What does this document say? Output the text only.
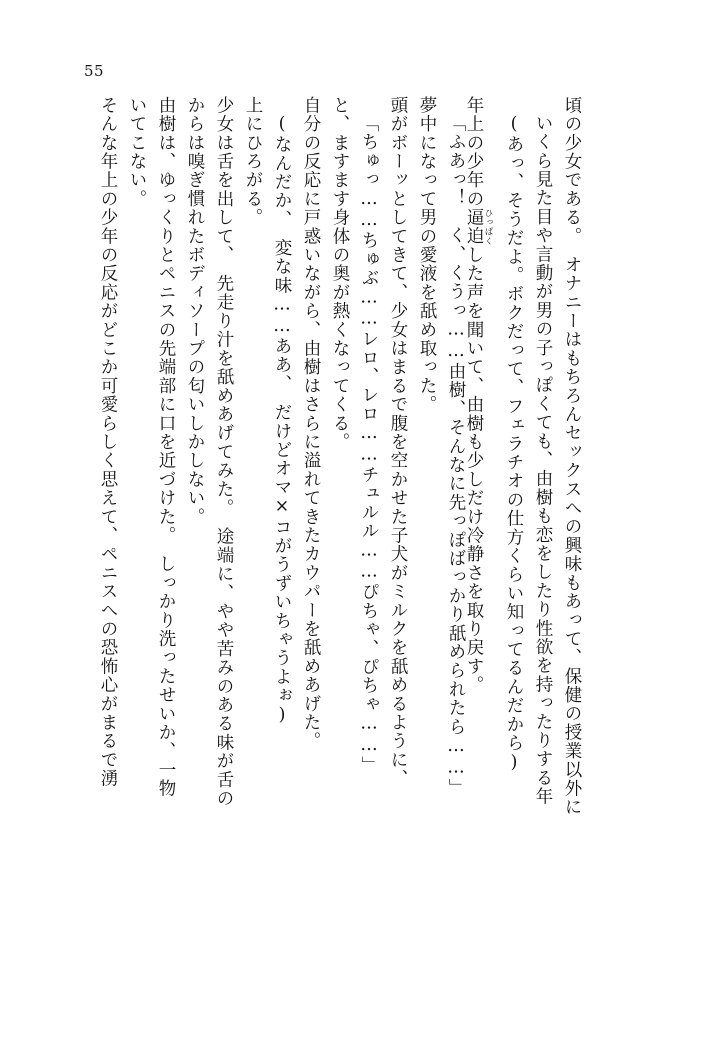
55
そんな年上の少年の反応がどこか可愛らしく思えて、ペニスへの恐怖心がまるで湧 いてこない。 由樹は、ゆっくりとペニスの先端部に口を近づけた。　しっかり洗ったせいか、一物 からは嗅ぎ慣れたボディソープの匂いしかしない。 少女は舌を出して、　先走り汁を舐めあげてみた。　途端に、やや苦みのある味が舌の 上にひろがる。 (なんだか、　変な味……ああ、　だけどオマ×コがうずいちゃうよぉ) 自分の反応に戸惑いながら、由樹はさらに溢れてきたカウパーを舐めあげた。 と、ますます身体の奥が熱くなってくる。 「ちゅっ……ちゅぶ……レロ、レロ……チュルル……ぴちゃ、ぴちゃ……」 頭がボーッとしてきて、少女はまるで腹を空かせた子犬がミルクを舐めるように、 夢中になって男の愛液を舐め取った。 「ふあっ！　く、くうっ……由樹、そんなに先っぽばっかり舐められたら……」
年上の少年の逼迫 ひっぱくした声を聞いて、由樹も少しだけ冷静さを取り戻す。	(あっ、そうだよ。ボクだって、フェラチオの仕方くらい知ってるんだから) いくら見た目や言動が男の子っぽくても、由樹も恋をしたり性欲を持ったりする年 頃の少女である。　オナニーはもちろんセックスへの興味もあって、保健の授業以外に
